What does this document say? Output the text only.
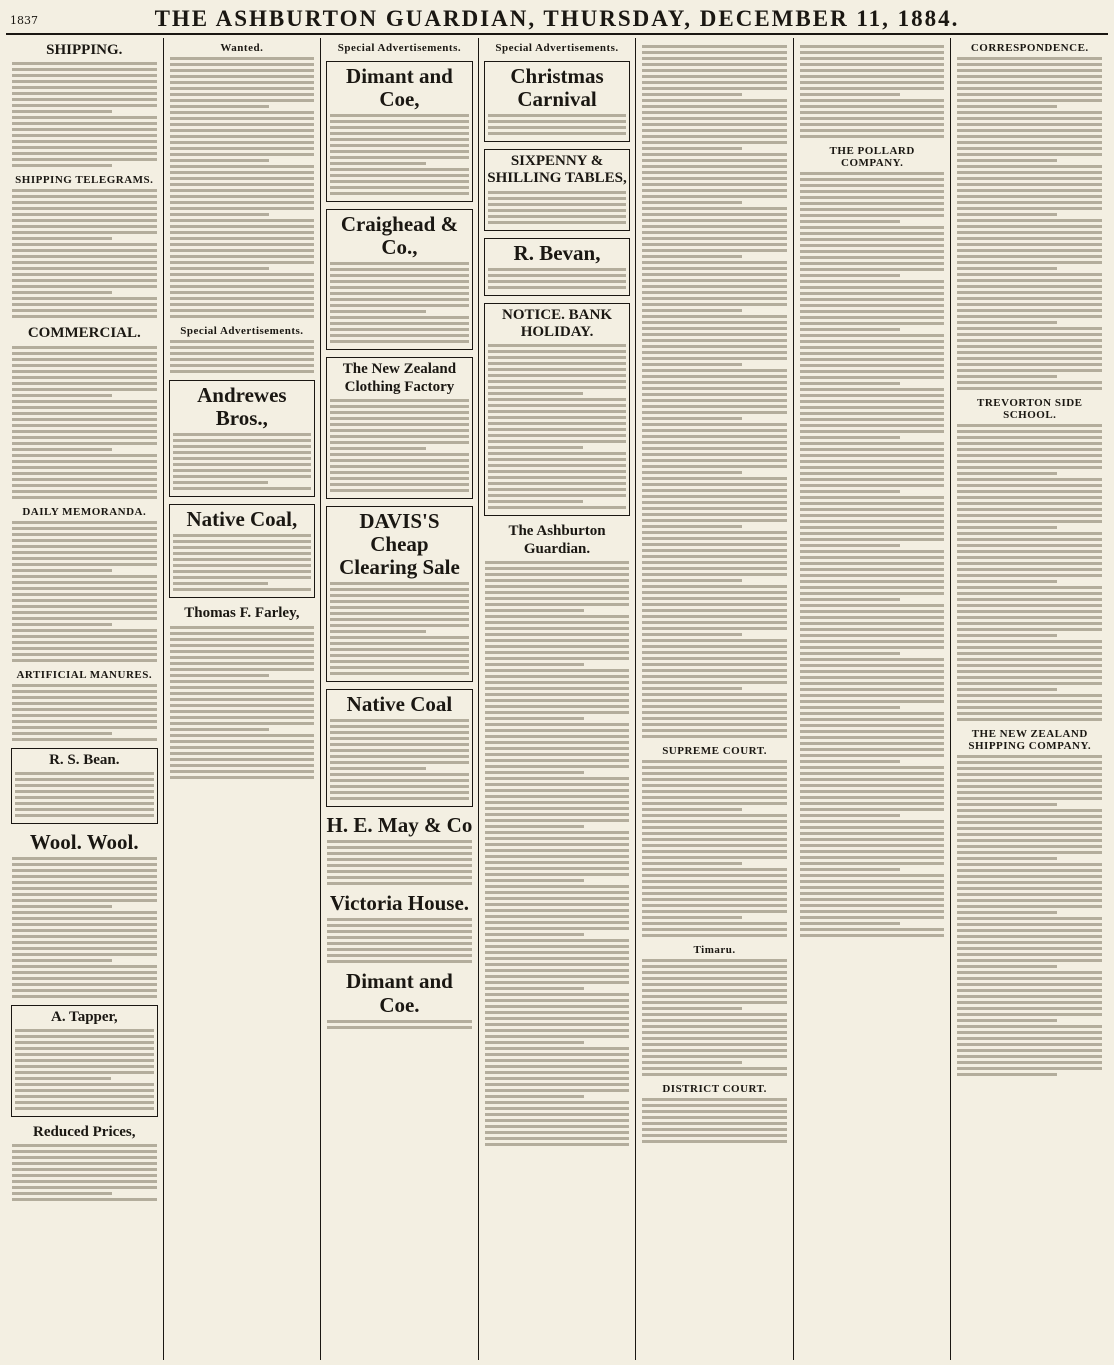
1837	THE ASHBURTON GUARDIAN, THURSDAY, DECEMBER 11, 1884.
SHIPPING.
SHIPPING TELEGRAMS.
COMMERCIAL.
DAILY MEMORANDA.
ARTIFICIAL MANURES.
R. S. Bean.
Wool. Wool.
A. Tapper,
Reduced Prices,
Wanted.
Special Advertisements.
Andrewes Bros.,
Native Coal,
Thomas F. Farley,
Special Advertisements.
Dimant and Coe,
Craighead & Co.,
The New Zealand Clothing Factory
DAVIS'S Cheap Clearing Sale
Native Coal
H. E. May & Co
Victoria House.
Dimant and Coe.
Special Advertisements.
Christmas Carnival
SIXPENNY & SHILLING TABLES,
R. Bevan,
NOTICE. BANK HOLIDAY.
The Ashburton Guardian.
SUPREME COURT.
Timaru.
DISTRICT COURT.
THE POLLARD COMPANY.
CORRESPONDENCE.
TREVORTON SIDE SCHOOL.
THE NEW ZEALAND SHIPPING COMPANY.
